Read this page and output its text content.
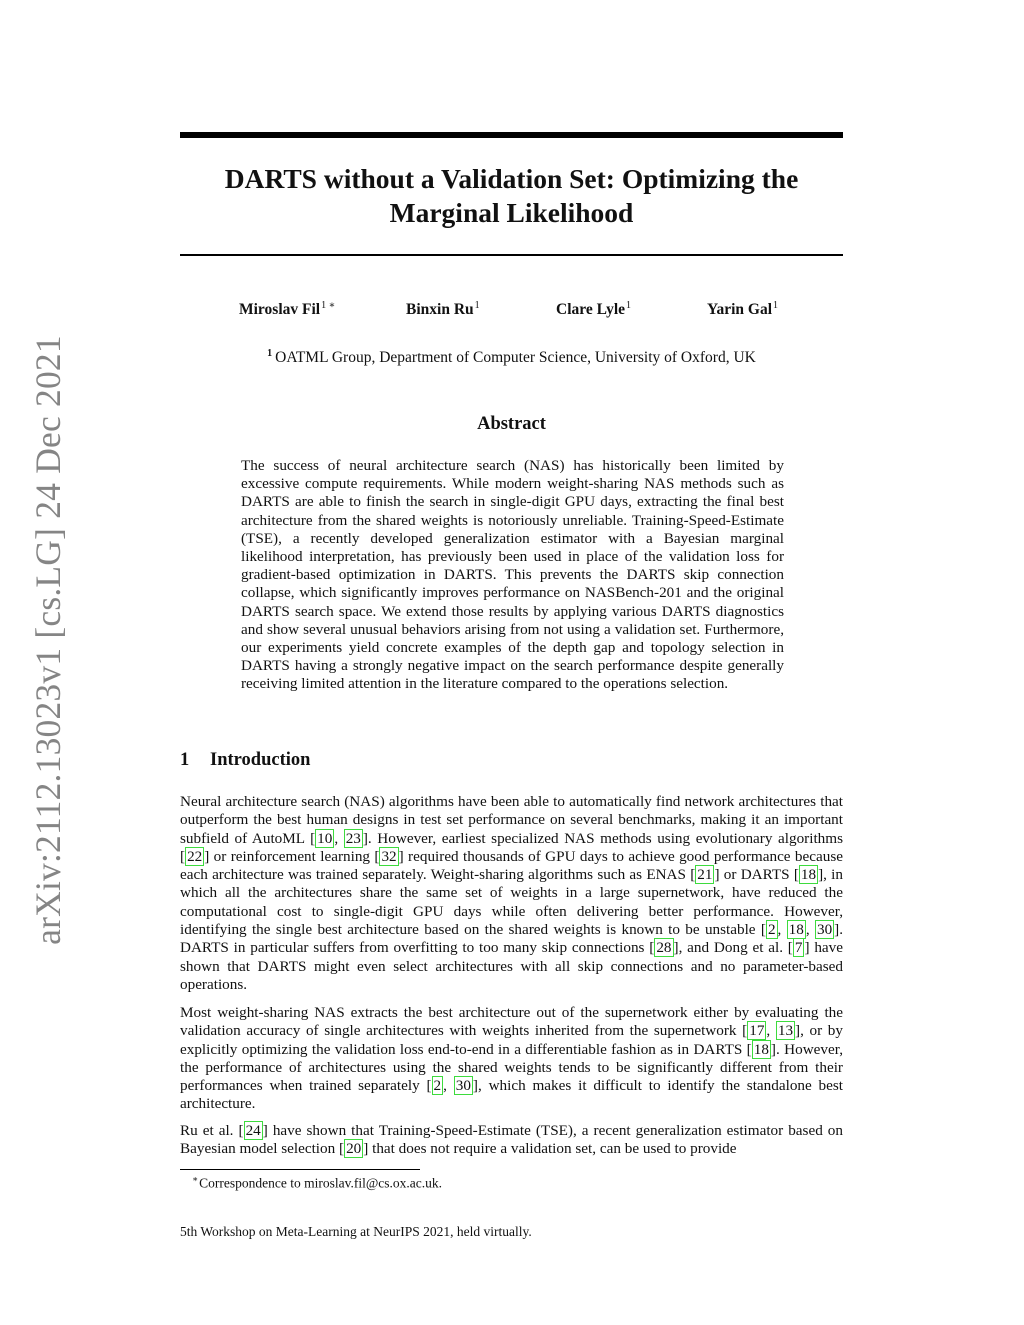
arXiv:2112.13023v1 [cs.LG] 24 Dec 2021
DARTS without a Validation Set: Optimizing the Marginal Likelihood
Miroslav Fil$^{1 ∗}$	Binxin Ru$^1$	Clare Lyle$^1$	Yarin Gal$^1$
$^1$ OATML Group, Department of Computer Science, University of Oxford, UK
Abstract

The success of neural architecture search (NAS) has historically been limited by excessive compute requirements. While modern weight-sharing NAS methods such as DARTS are able to finish the search in single-digit GPU days, extracting the final best architecture from the shared weights is notoriously unreliable. Training-Speed-Estimate (TSE), a recently developed generalization estimator with a Bayesian marginal likelihood interpretation, has previously been used in place of the validation loss for gradient-based optimization in DARTS. This prevents the DARTS skip connection collapse, which significantly improves performance on NASBench-201 and the original DARTS search space. We extend those results by applying various DARTS diagnostics and show several unusual behaviors arising from not using a validation set. Furthermore, our experiments yield concrete examples of the depth gap and topology selection in DARTS having a strongly negative impact on the search performance despite generally receiving limited attention in the literature compared to the operations selection.

1 Introduction

Neural architecture search (NAS) algorithms have been able to automatically find network architectures that outperform the best human designs in test set performance on several benchmarks, making it an important subfield of AutoML [ 10 , 23 ]. However, earliest specialized NAS methods using evolutionary algorithms [ 22 ] or reinforcement learning [ 32 ] required thousands of GPU days to achieve good performance because each architecture was trained separately. Weight-sharing algorithms such as ENAS [ 21 ] or DARTS [ 18 ], in which all the architectures share the same set of weights in a large supernetwork, have reduced the computational cost to single-digit GPU days while often delivering better performance. However, identifying the single best architecture based on the shared weights is known to be unstable [ 2 , 18 , 30 ]. DARTS in particular suffers from overfitting to too many skip connections [ 28 ], and Dong et al. [ 7 ] have shown that DARTS might even select architectures with all skip connections and no parameter-based operations.

Most weight-sharing NAS extracts the best architecture out of the supernetwork either by evaluating the validation accuracy of single architectures with weights inherited from the supernetwork [ 17 , 13 ], or by explicitly optimizing the validation loss end-to-end in a differentiable fashion as in DARTS [ 18 ]. However, the performance of architectures using the shared weights tends to be significantly different from their performances when trained separately [ 2 , 30 ], which makes it difficult to identify the standalone best architecture.

Ru et al. [ 24 ] have shown that Training-Speed-Estimate (TSE), a recent generalization estimator based on Bayesian model selection [ 20 ] that does not require a validation set, can be used to provide

∗Correspondence to miroslav.fil@cs.ox.ac.uk.
5th Workshop on Meta-Learning at NeurIPS 2021, held virtually.
